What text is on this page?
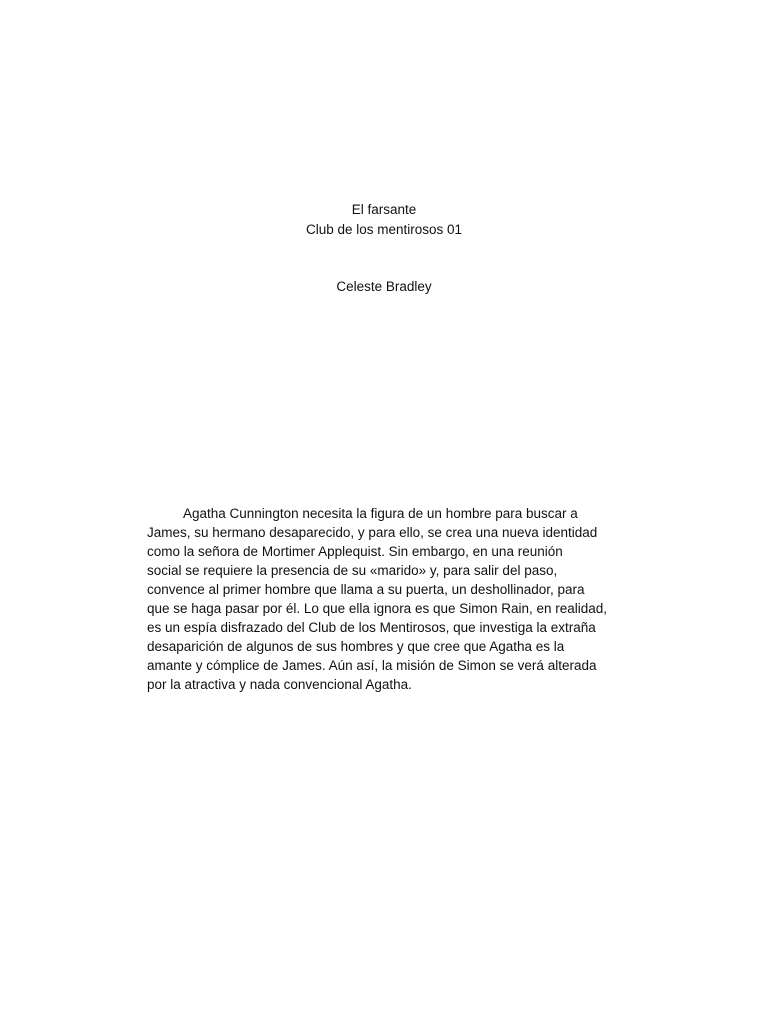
El farsante

Club de los mentirosos 01

Celeste Bradley

Agatha Cunnington necesita la figura de un hombre para buscar a
James, su hermano desaparecido, y para ello, se crea una nueva identidad
como la señora de Mortimer Applequist. Sin embargo, en una reunión
social se requiere la presencia de su «marido» y, para salir del paso,
convence al primer hombre que llama a su puerta, un deshollinador, para
que se haga pasar por él. Lo que ella ignora es que Simon Rain, en realidad,
es un espía disfrazado del Club de los Mentirosos, que investiga la extraña
desaparición de algunos de sus hombres y que cree que Agatha es la
amante y cómplice de James. Aún así, la misión de Simon se verá alterada
por la atractiva y nada convencional Agatha.
